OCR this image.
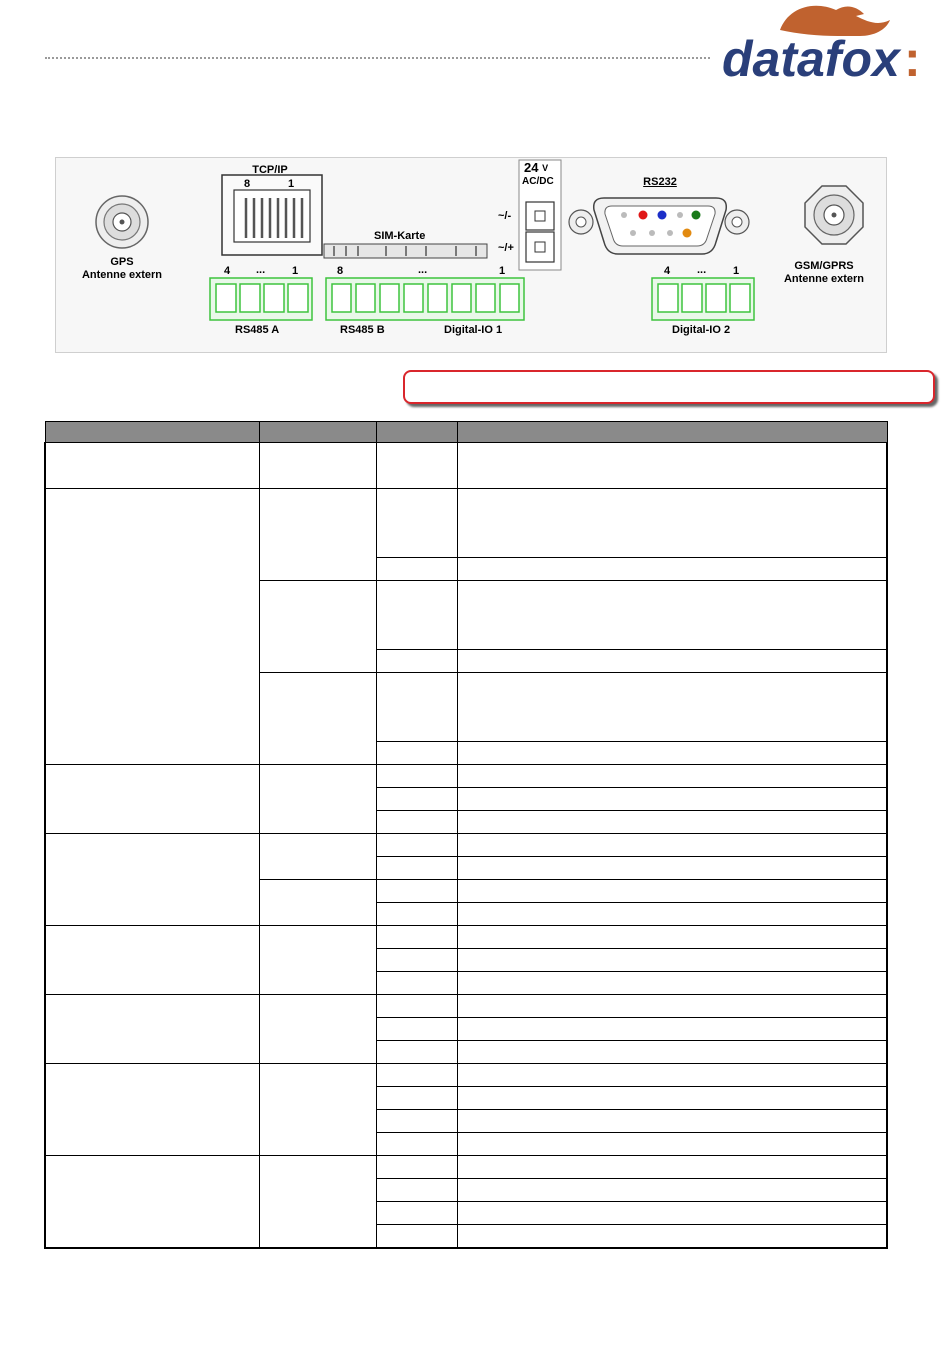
datafox :
TCP/IP
8	1
24 $^V$
AC/DC
~/-
~/+
RS232
SIM-Karte
GPS
Antenne extern
GSM/GPRS
Antenne extern
4 ... 1	8	...	1	4 ... 1
RS485 A	RS485 B	Digital-IO 1	Digital-IO 2
